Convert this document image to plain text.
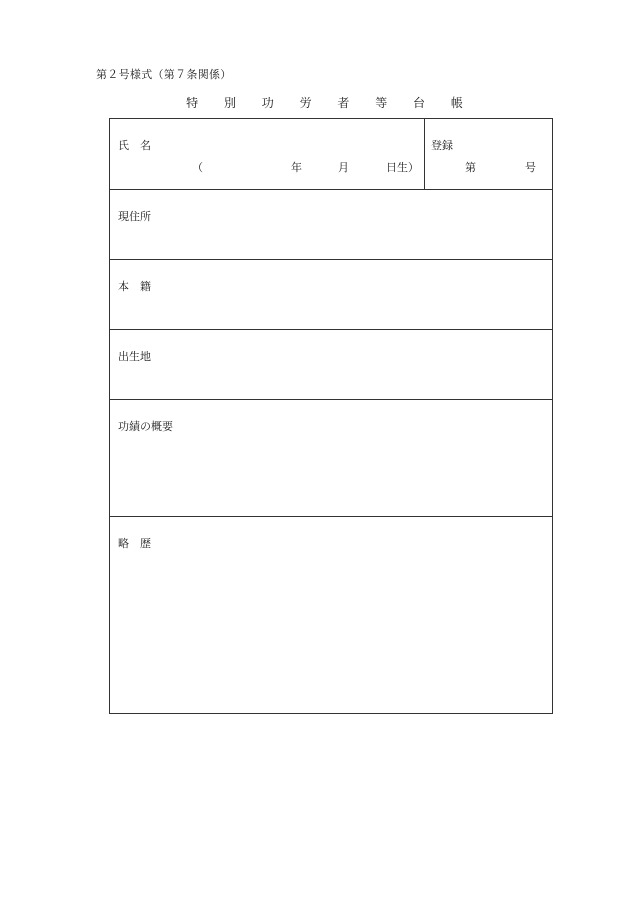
第２号様式（第７条関係）
特 別 功 労 者 等 台 帳
氏　名
（	年	月	日生）
登録
第	号
現住所
本　籍
出生地
功績の概要
略　歴
